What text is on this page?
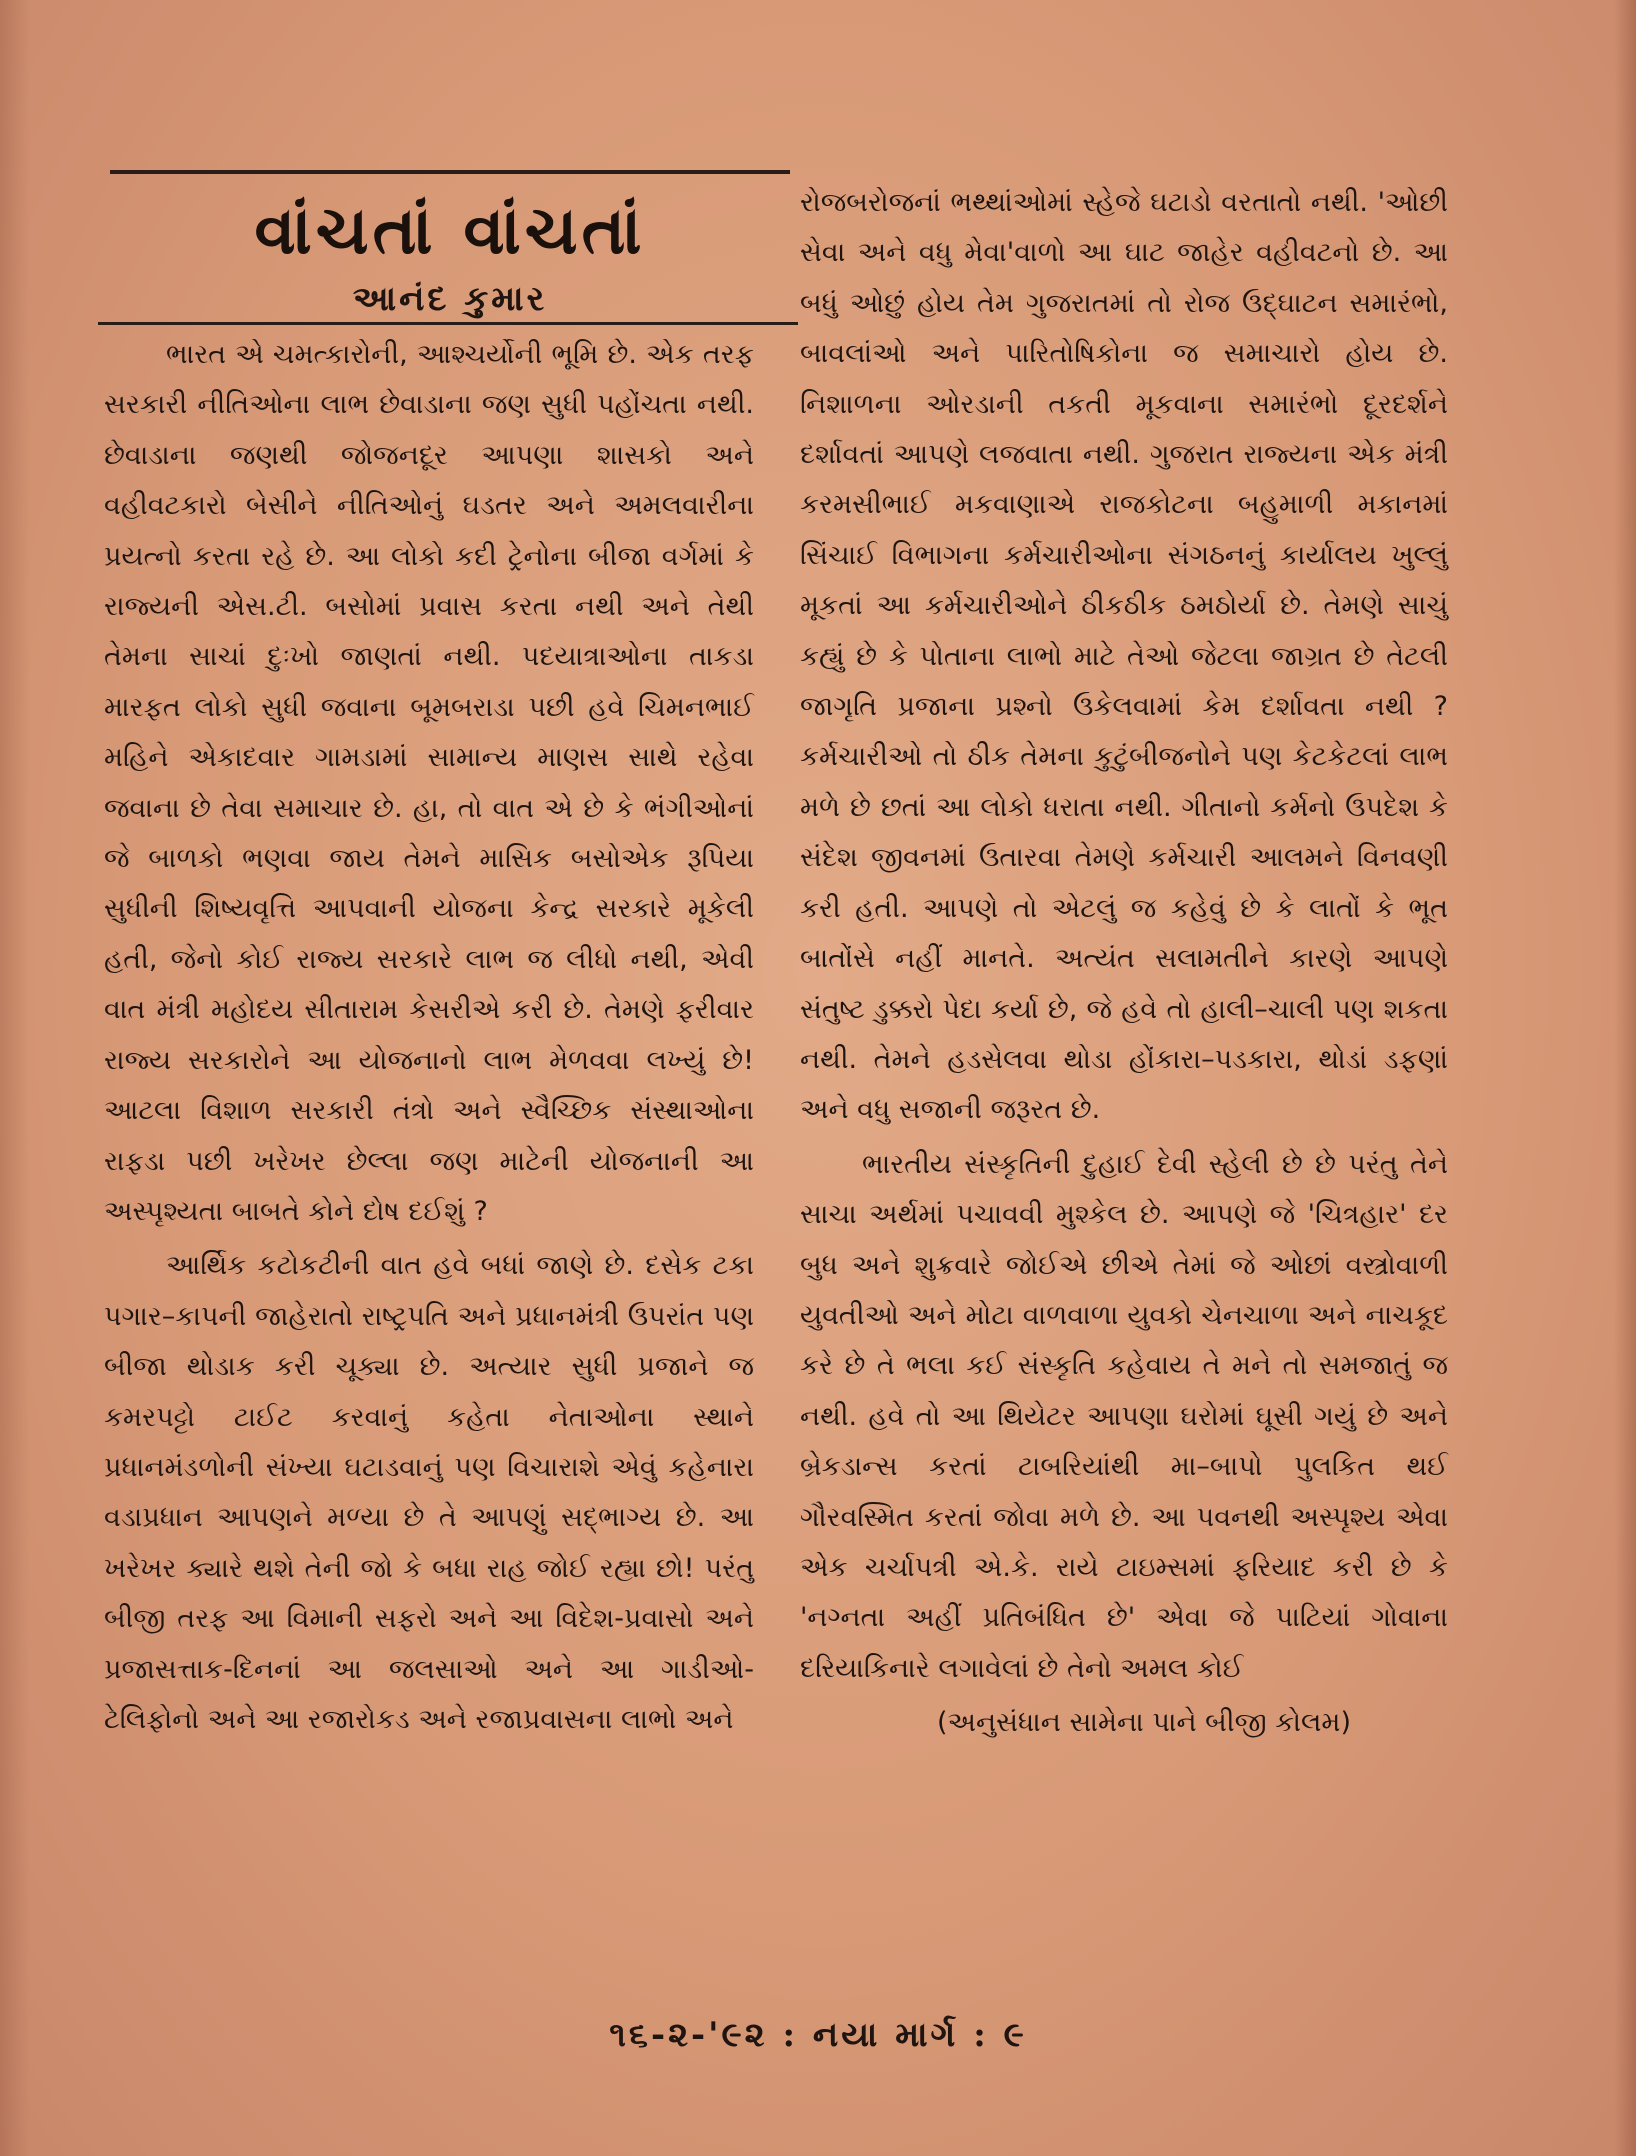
વાંચતાં વાંચતાં
આનંદ કુમાર

ભારત એ ચમત્કારોની, આશ્ચર્યોની ભૂમિ છે. એક તરફ સરકારી નીતિઓના લાભ છેવાડાના જણ સુધી પહોંચતા નથી. છેવાડાના જણથી જોજનદૂર આપણા શાસકો અને વહીવટકારો બેસીને નીતિઓનું ઘડતર અને અમલવારીના પ્રયત્નો કરતા રહે છે. આ લોકો કદી ટ્રેનોના બીજા વર્ગમાં કે રાજ્યની એસ.ટી. બસોમાં પ્રવાસ કરતા નથી અને તેથી તેમના સાચાં દુઃખો જાણતાં નથી. પદયાત્રાઓના તાકડા મારફત લોકો સુધી જવાના બૂમબરાડા પછી હવે ચિમનભાઈ મહિને એકાદવાર ગામડામાં સામાન્ય માણસ સાથે રહેવા જવાના છે તેવા સમાચાર છે. હા, તો વાત એ છે કે ભંગીઓનાં જે બાળકો ભણવા જાય તેમને માસિક બસોએક રૂપિયા સુધીની શિષ્યવૃત્તિ આપવાની યોજના કેન્દ્ર સરકારે મૂકેલી હતી, જેનો કોઈ રાજ્ય સરકારે લાભ જ લીધો નથી, એવી વાત મંત્રી મહોદય સીતારામ કેસરીએ કરી છે. તેમણે ફરીવાર રાજ્ય સરકારોને આ યોજનાનો લાભ મેળવવા લખ્યું છે! આટલા વિશાળ સરકારી તંત્રો અને સ્વૈચ્છિક સંસ્થાઓના રાફડા પછી ખરેખર છેલ્લા જણ માટેની યોજનાની આ અસ્પૃશ્યતા બાબતે કોને દોષ દઈશું ?

આર્થિક કટોકટીની વાત હવે બધાં જાણે છે. દસેક ટકા પગાર–કાપની જાહેરાતો રાષ્ટ્રપતિ અને પ્રધાનમંત્રી ઉપરાંત પણ બીજા થોડાક કરી ચૂક્યા છે. અત્યાર સુધી પ્રજાને જ કમરપટ્ટો ટાઈટ કરવાનું કહેતા નેતાઓના સ્થાને પ્રધાનમંડળોની સંખ્યા ઘટાડવાનું પણ વિચારાશે એવું કહેનારા વડાપ્રધાન આપણને મળ્યા છે તે આપણું સદ્‌ભાગ્ય છે. આ ખરેખર ક્યારે થશે તેની જો કે બધા રાહ જોઈ રહ્યા છો! પરંતુ બીજી તરફ આ વિમાની સફરો અને આ વિદેશ-પ્રવાસો અને પ્રજાસત્તાક-દિનનાં આ જલસાઓ અને આ ગાડીઓ-ટેલિફોનો અને આ રજારોકડ અને રજાપ્રવાસના લાભો અને

રોજબરોજનાં ભથ્થાંઓમાં સ્હેજે ઘટાડો વરતાતો નથી. 'ઓછી સેવા અને વધુ મેવા'વાળો આ ઘાટ જાહેર વહીવટનો છે. આ બધું ઓછું હોય તેમ ગુજરાતમાં તો રોજ ઉદ્‌ઘાટન સમારંભો, બાવલાંઓ અને પારિતોષિકોના જ સમાચારો હોય છે. નિશાળના ઓરડાની તકતી મૂકવાના સમારંભો દૂરદર્શને દર્શાવતાં આપણે લજવાતા નથી. ગુજરાત રાજ્યના એક મંત્રી કરમસીભાઈ મકવાણાએ રાજકોટના બહુમાળી મકાનમાં સિંચાઈ વિભાગના કર્મચારીઓના સંગઠનનું કાર્યાલય ખુલ્લું મૂકતાં આ કર્મચારીઓને ઠીકઠીક ઠમઠોર્યા છે. તેમણે સાચું કહ્યું છે કે પોતાના લાભો માટે તેઓ જેટલા જાગ્રત છે તેટલી જાગૃતિ પ્રજાના પ્રશ્નો ઉકેલવામાં કેમ દર્શાવતા નથી ? કર્મચારીઓ તો ઠીક તેમના કુટુંબીજનોને પણ કેટકેટલાં લાભ મળે છે છતાં આ લોકો ધરાતા નથી. ગીતાનો કર્મનો ઉપદેશ કે સંદેશ જીવનમાં ઉતારવા તેમણે કર્મચારી આલમને વિનવણી કરી હતી. આપણે તો એટલું જ કહેવું છે કે લાતોં કે ભૂત બાતોંસે નહીં માનતે. અત્યંત સલામતીને કારણે આપણે સંતુષ્ટ ડુક્કરો પેદા કર્યા છે, જે હવે તો હાલી–ચાલી પણ શકતા નથી. તેમને હડસેલવા થોડા હોંકારા–પડકારા, થોડાં ડફણાં અને વધુ સજાની જરૂરત છે.

ભારતીય સંસ્કૃતિની દુહાઈ દેવી સ્હેલી છે છે પરંતુ તેને સાચા અર્થમાં પચાવવી મુશ્કેલ છે. આપણે જે 'ચિત્રહાર' દર બુધ અને શુક્રવારે જોઈએ છીએ તેમાં જે ઓછાં વસ્ત્રોવાળી યુવતીઓ અને મોટા વાળવાળા યુવકો ચેનચાળા અને નાચકૂદ કરે છે તે ભલા કઈ સંસ્કૃતિ કહેવાય તે મને તો સમજાતું જ નથી. હવે તો આ થિયેટર આપણા ઘરોમાં ઘૂસી ગયું છે અને બ્રેકડાન્સ કરતાં ટાબરિયાંથી મા–બાપો પુલકિત થઈ ગૌરવસ્મિત કરતાં જોવા મળે છે. આ પવનથી અસ્પૃશ્ય એવા એક ચર્ચાપત્રી એ.કે. રાયે ટાઇમ્સમાં ફરિયાદ કરી છે કે 'નગ્નતા અહીં પ્રતિબંધિત છે' એવા જે પાટિયાં ગોવાના દરિયાકિનારે લગાવેલાં છે તેનો અમલ કોઈ

(અનુસંધાન સામેના પાને બીજી કોલમ)

૧૬-૨-'૯૨ : નયા માર્ગ : ૯
